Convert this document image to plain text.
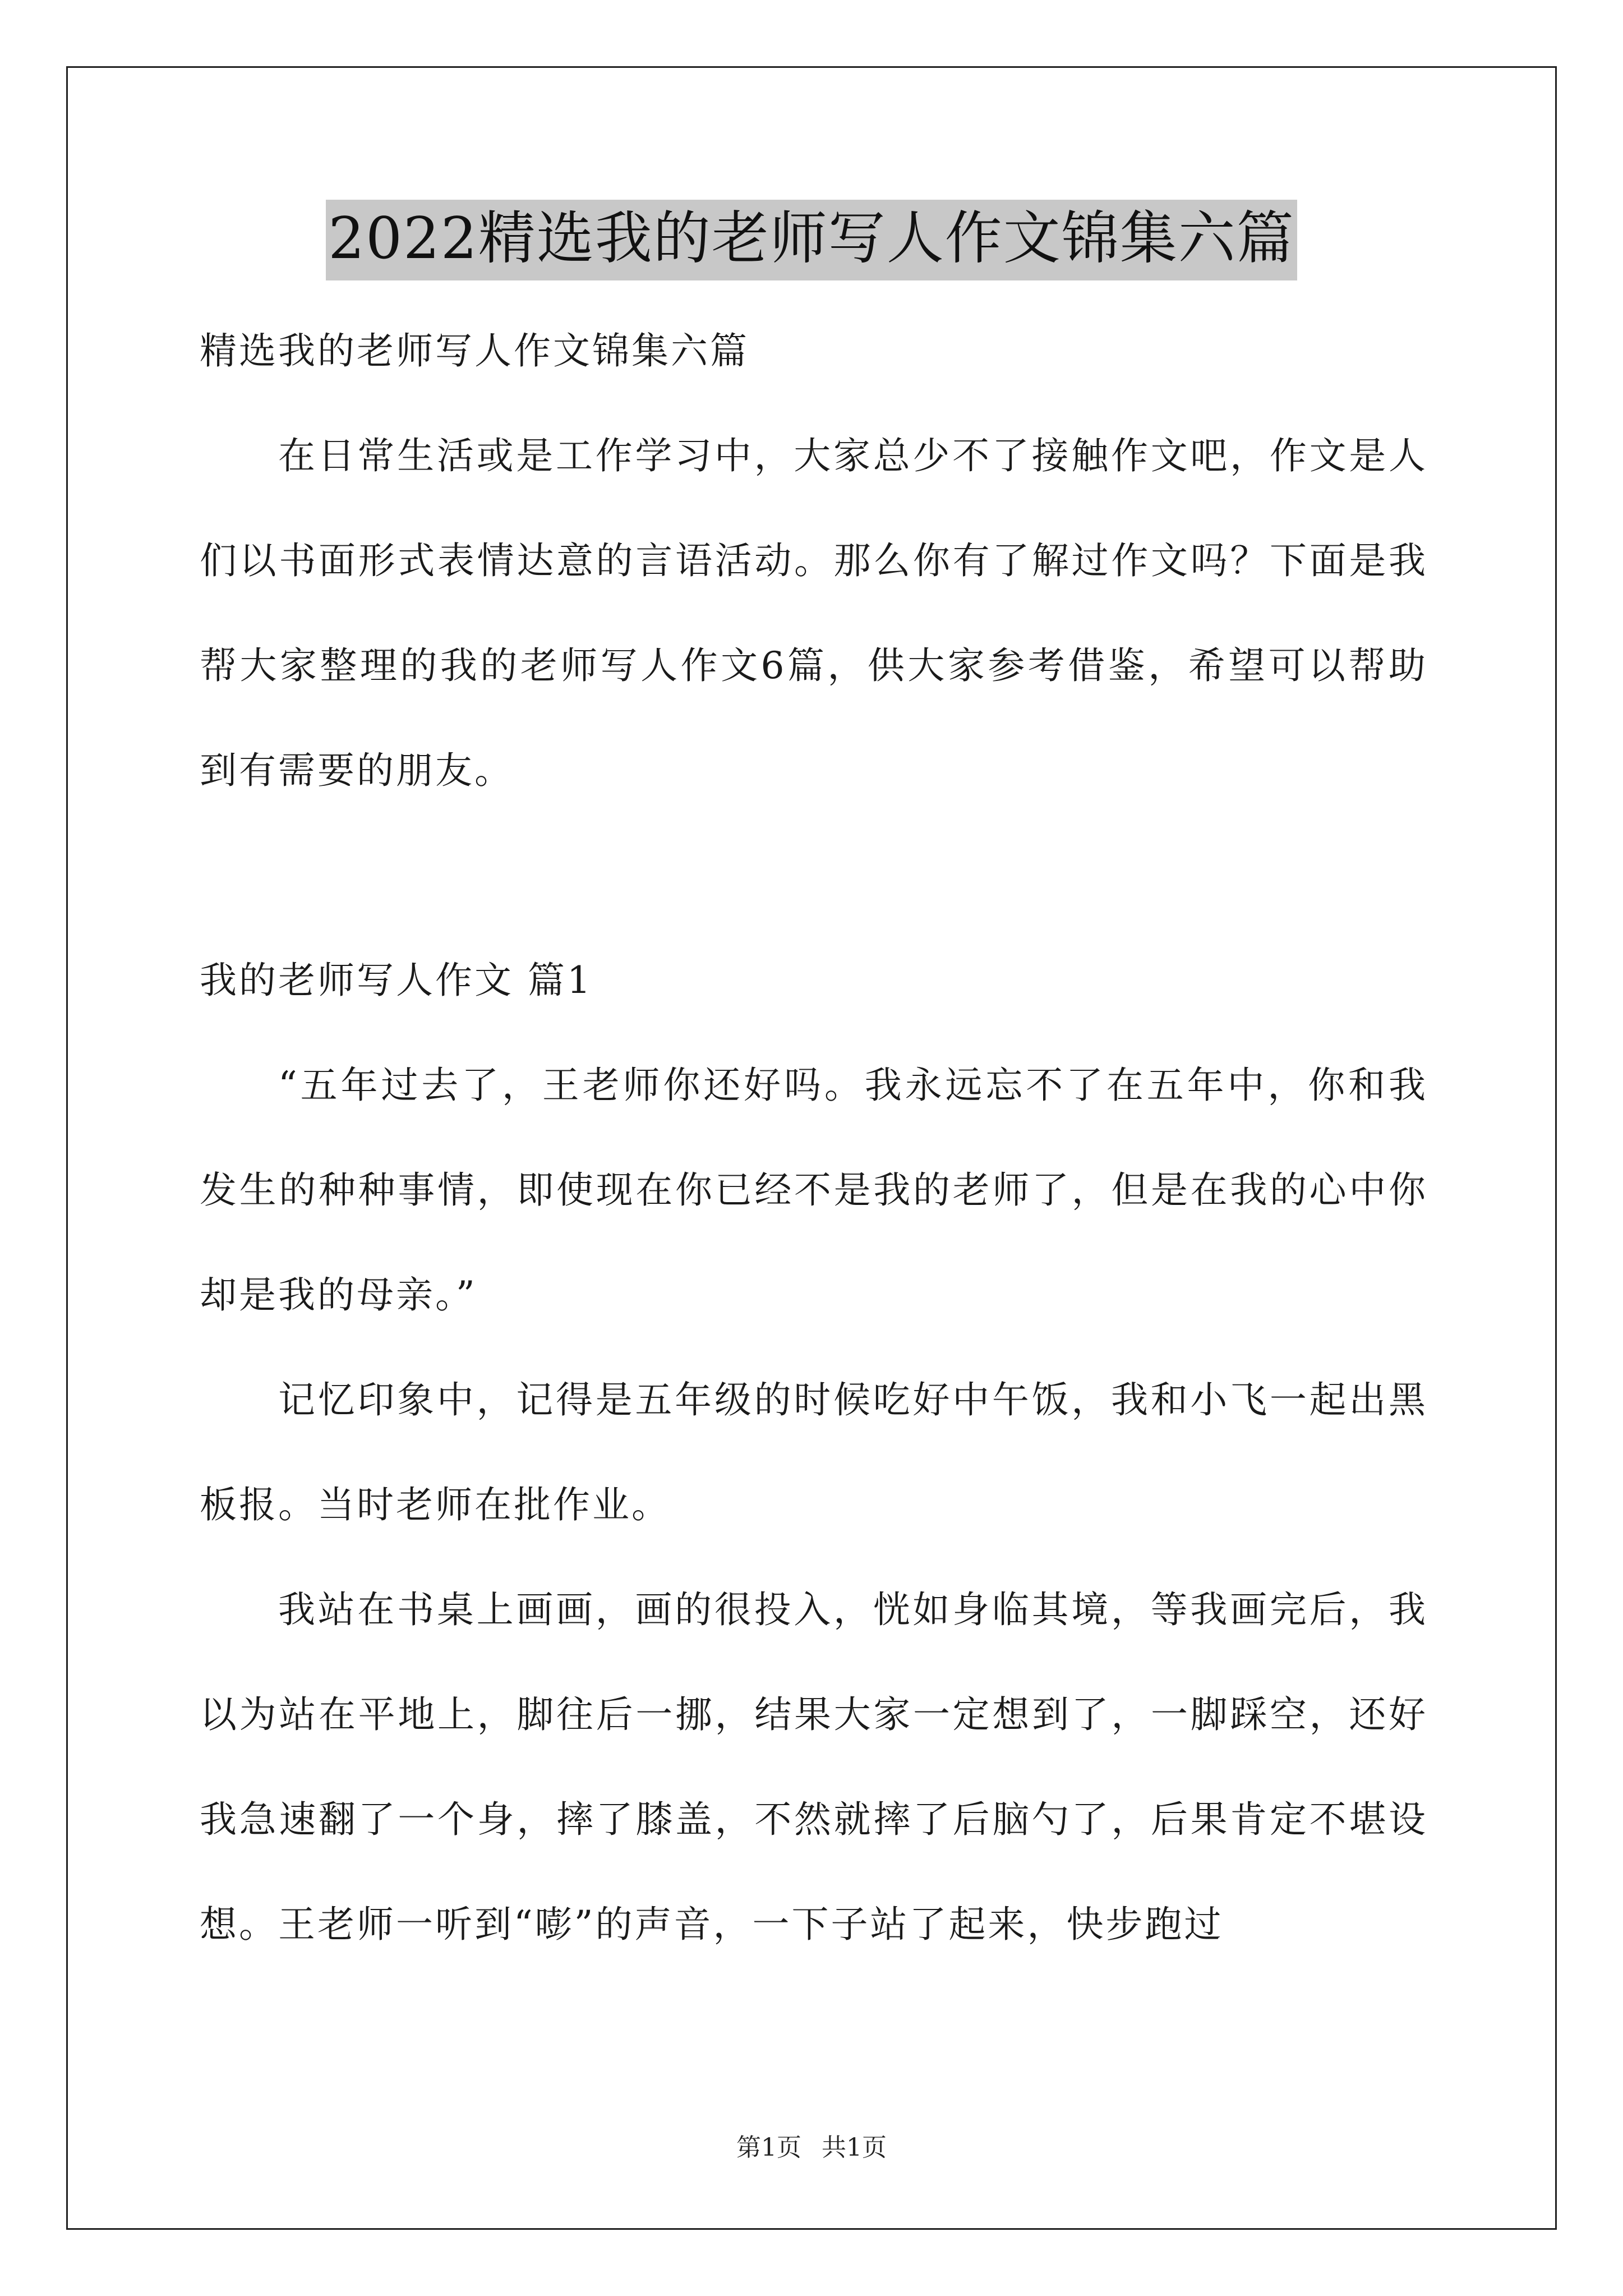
2022精选我的老师写人作文锦集六篇

精选我的老师写人作文锦集六篇

在日常生活或是工作学习中，大家总少不了接触作文吧，作文是人们以书面形式表情达意的言语活动。那么你有了解过作文吗？下面是我帮大家整理的我的老师写人作文6篇，供大家参考借鉴，希望可以帮助到有需要的朋友。

我的老师写人作文 篇1

“五年过去了，王老师你还好吗。我永远忘不了在五年中，你和我发生的种种事情，即使现在你已经不是我的老师了，但是在我的心中你却是我的母亲。”

记忆印象中，记得是五年级的时候吃好中午饭，我和小飞一起出黑板报。当时老师在批作业。

我站在书桌上画画，画的很投入，恍如身临其境，等我画完后，我以为站在平地上，脚往后一挪，结果大家一定想到了，一脚踩空，还好我急速翻了一个身，摔了膝盖，不然就摔了后脑勺了，后果肯定不堪设想。王老师一听到“嘭”的声音，一下子站了起来，快步跑过

第1页 共1页
